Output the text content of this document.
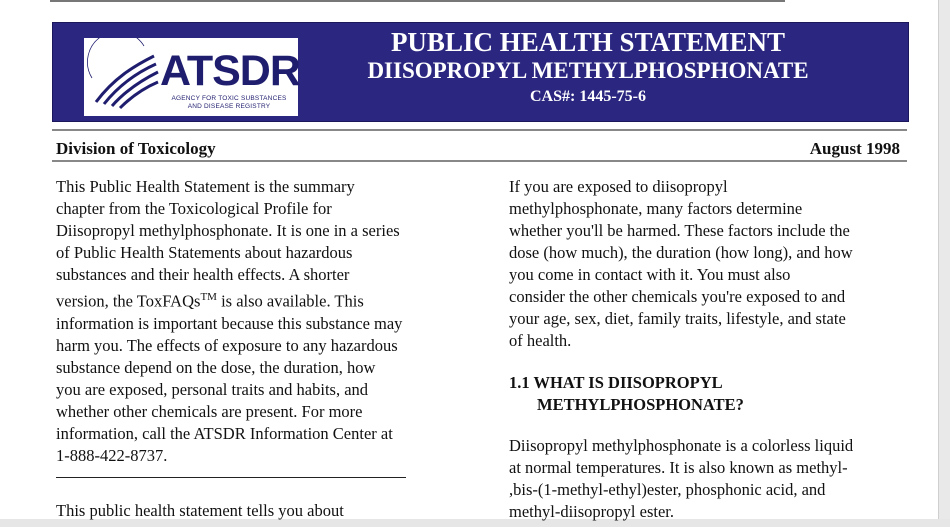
ATSDR
AGENCY FOR TOXIC SUBSTANCES
AND DISEASE REGISTRY
PUBLIC HEALTH STATEMENT
DIISOPROPYL METHYLPHOSPHONATE
CAS#: 1445-75-6
Division of Toxicology	August 1998
This Public Health Statement is the summary
chapter from the Toxicological Profile for
Diisopropyl methylphosphonate. It is one in a series
of Public Health Statements about hazardous
substances and their health effects. A shorter
version, the ToxFAQs™ is also available. This
information is important because this substance may
harm you. The effects of exposure to any hazardous
substance depend on the dose, the duration, how
you are exposed, personal traits and habits, and
whether other chemicals are present. For more
information, call the ATSDR Information Center at
1-888-422-8737.
This public health statement tells you about
If you are exposed to diisopropyl
methylphosphonate, many factors determine
whether you'll be harmed. These factors include the
dose (how much), the duration (how long), and how
you come in contact with it. You must also
consider the other chemicals you're exposed to and
your age, sex, diet, family traits, lifestyle, and state
of health.
1.1 WHAT IS DIISOPROPYL
METHYLPHOSPHONATE?
Diisopropyl methylphosphonate is a colorless liquid
at normal temperatures. It is also known as methyl-
,bis-(1-methyl-ethyl)ester, phosphonic acid, and
methyl-diisopropyl ester.
